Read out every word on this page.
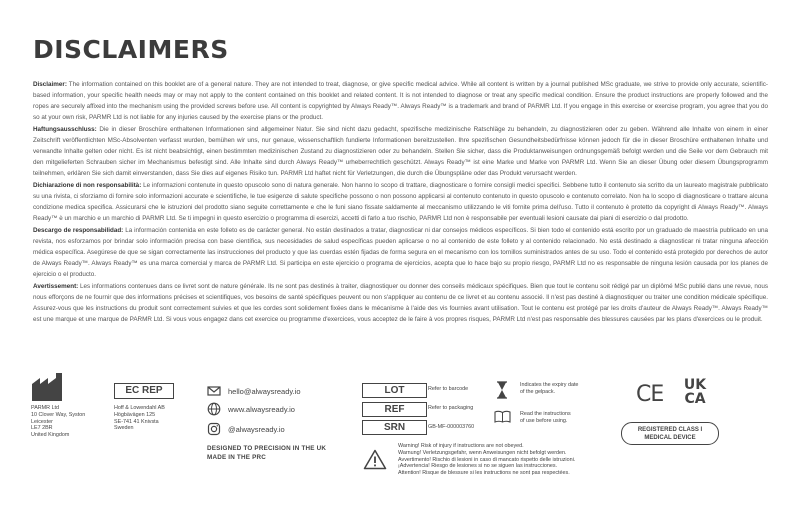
DISCLAIMERS

Disclaimer: The information contained on this booklet are of a general nature. They are not intended to treat, diagnose, or give specific medical advice. While all content is written by a journal published MSc graduate, we strive to provide only accurate, scientific-based information, your specific health needs may or may not apply to the content contained on this booklet and related content. It is not intended to diagnose or treat any specific medical condition. Ensure the product instructions are properly followed and the ropes are securely affixed into the mechanism using the provided screws before use. All content is copyrighted by Always Ready™. Always Ready™ is a trademark and brand of PARMR Ltd. If you engage in this exercise or exercise program, you agree that you do so at your own risk, PARMR Ltd is not liable for any injuries caused by the exercise plans or the product.

Haftungsausschluss: Die in dieser Broschüre enthaltenen Informationen sind allgemeiner Natur. Sie sind nicht dazu gedacht, spezifische medizinische Ratschläge zu behandeln, zu diagnostizieren oder zu geben. Während alle Inhalte von einem in einer Zeitschrift veröffentlichten MSc-Absolventen verfasst wurden, bemühen wir uns, nur genaue, wissenschaftlich fundierte Informationen bereitzustellen. Ihre spezifischen Gesundheitsbedürfnisse können jedoch für die in dieser Broschüre enthaltenen Inhalte und verwandte Inhalte gelten oder nicht. Es ist nicht beabsichtigt, einen bestimmten medizinischen Zustand zu diagnostizieren oder zu behandeln. Stellen Sie sicher, dass die Produktanweisungen ordnungsgemäß befolgt werden und die Seile vor dem Gebrauch mit den mitgelieferten Schrauben sicher im Mechanismus befestigt sind. Alle Inhalte sind durch Always Ready™ urheberrechtlich geschützt. Always Ready™ ist eine Marke und Marke von PARMR Ltd. Wenn Sie an dieser Übung oder diesem Übungsprogramm teilnehmen, erklären Sie sich damit einverstanden, dass Sie dies auf eigenes Risiko tun. PARMR Ltd haftet nicht für Verletzungen, die durch die Übungspläne oder das Produkt verursacht werden.

Dichiarazione di non responsabilità: Le informazioni contenute in questo opuscolo sono di natura generale. Non hanno lo scopo di trattare, diagnosticare o fornire consigli medici specifici. Sebbene tutto il contenuto sia scritto da un laureato magistrale pubblicato su una rivista, ci sforziamo di fornire solo informazioni accurate e scientifiche, le tue esigenze di salute specifiche possono o non possono applicarsi al contenuto contenuto in questo opuscolo e contenuto correlato. Non ha lo scopo di diagnosticare o trattare alcuna condizione medica specifica. Assicurarsi che le istruzioni del prodotto siano seguite correttamente e che le funi siano fissate saldamente al meccanismo utilizzando le viti fornite prima dell'uso. Tutto il contenuto è protetto da copyright di Always Ready™. Always Ready™ è un marchio e un marchio di PARMR Ltd. Se ti impegni in questo esercizio o programma di esercizi, accetti di farlo a tuo rischio, PARMR Ltd non è responsabile per eventuali lesioni causate dai piani di esercizio o dal prodotto.

Descargo de responsabilidad: La información contenida en este folleto es de carácter general. No están destinados a tratar, diagnosticar ni dar consejos médicos específicos. Si bien todo el contenido está escrito por un graduado de maestría publicado en una revista, nos esforzamos por brindar solo información precisa con base científica, sus necesidades de salud específicas pueden aplicarse o no al contenido de este folleto y al contenido relacionado. No está destinado a diagnosticar ni tratar ninguna afección médica específica. Asegúrese de que se sigan correctamente las instrucciones del producto y que las cuerdas estén fijadas de forma segura en el mecanismo con los tornillos suministrados antes de su uso. Todo el contenido está protegido por derechos de autor de Always Ready™. Always Ready™ es una marca comercial y marca de PARMR Ltd. Si participa en este ejercicio o programa de ejercicios, acepta que lo hace bajo su propio riesgo, PARMR Ltd no es responsable de ninguna lesión causada por los planes de ejercicio o el producto.

Avertissement: Les informations contenues dans ce livret sont de nature générale. Ils ne sont pas destinés à traiter, diagnostiquer ou donner des conseils médicaux spécifiques. Bien que tout le contenu soit rédigé par un diplômé MSc publié dans une revue, nous nous efforçons de ne fournir que des informations précises et scientifiques, vos besoins de santé spécifiques peuvent ou non s'appliquer au contenu de ce livret et au contenu associé. Il n'est pas destiné à diagnostiquer ou traiter une condition médicale spécifique. Assurez-vous que les instructions du produit sont correctement suivies et que les cordes sont solidement fixées dans le mécanisme à l'aide des vis fournies avant utilisation. Tout le contenu est protégé par les droits d'auteur de Always Ready™. Always Ready™ est une marque et une marque de PARMR Ltd. Si vous vous engagez dans cet exercice ou programme d'exercices, vous acceptez de le faire à vos propres risques, PARMR Ltd n'est pas responsable des blessures causées par les plans d'exercices ou le produit.

PARMR Ltd
10 Clover Way, Syston
Leicester
LE7 2BR
United Kingdom
EC REP
Hoff & Lowendahl AB
Högbävägen 125
SE-741 41 Knivsta
Sweden
hello@alwaysready.io
www.alwaysready.io
@alwaysready.io
DESIGNED TO PRECISION IN THE UK
MADE IN THE PRC
LOT	Refer to barcode
REF	Refer to packaging
SRN	GB-MF-000003760
Warning! Risk of injury if instructions are not obeyed.
Warnung! Verletzungsgefahr, wenn Anweisungen nicht befolgt werden.
Avvertimento! Rischio di lesioni in caso di mancato rispetto delle istruzioni.
¡Advertencia! Riesgo de lesiones si no se siguen las instrucciones.
Attention! Risque de blessure si les instructions ne sont pas respectées.
Indicates the expiry date
of the gelpack.
Read the instructions
of use before using.
CE UK
CA
REGISTERED CLASS I
MEDICAL DEVICE
